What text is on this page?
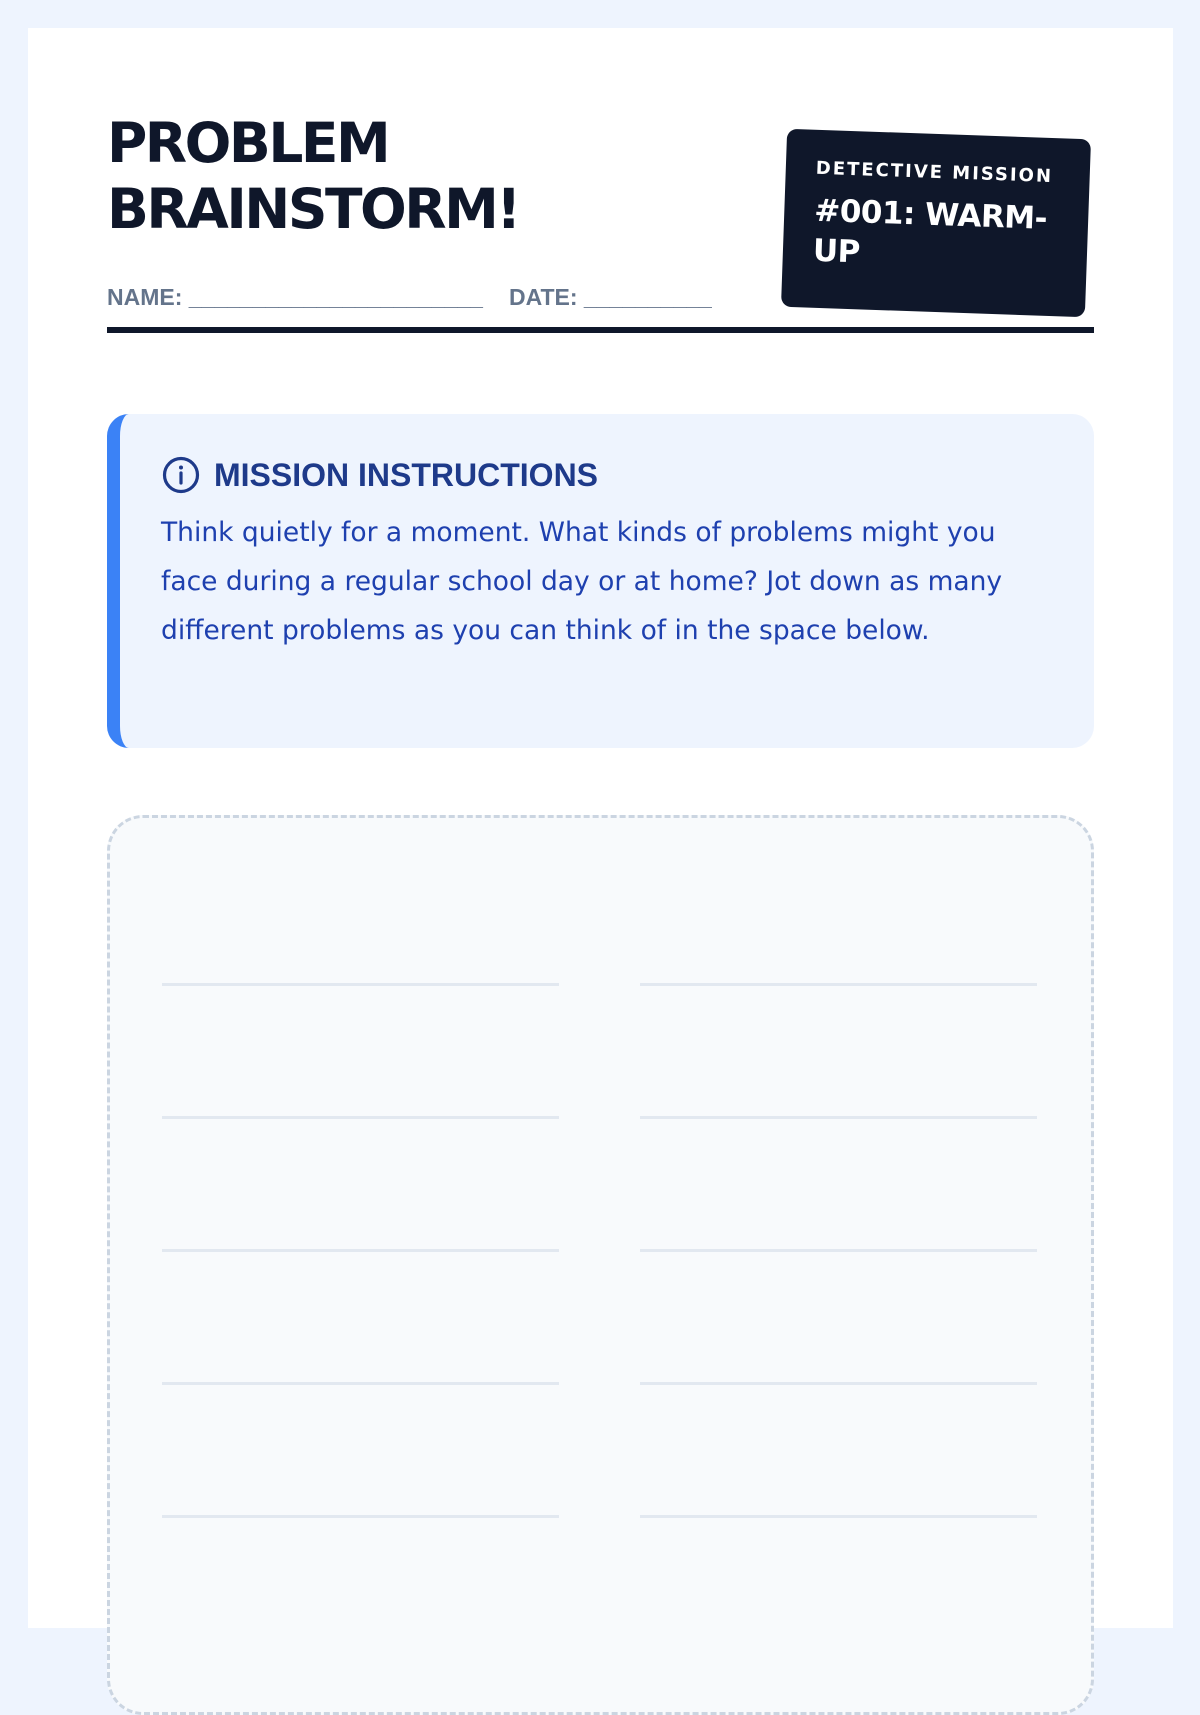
PROBLEM
BRAINSTORM!
NAME: _______________________ DATE: __________
DETECTIVE MISSION
#001: WARM-UP
MISSION INSTRUCTIONS

Think quietly for a moment. What kinds of problems might you face during a regular school day or at home? Jot down as many different problems as you can think of in the space below.
